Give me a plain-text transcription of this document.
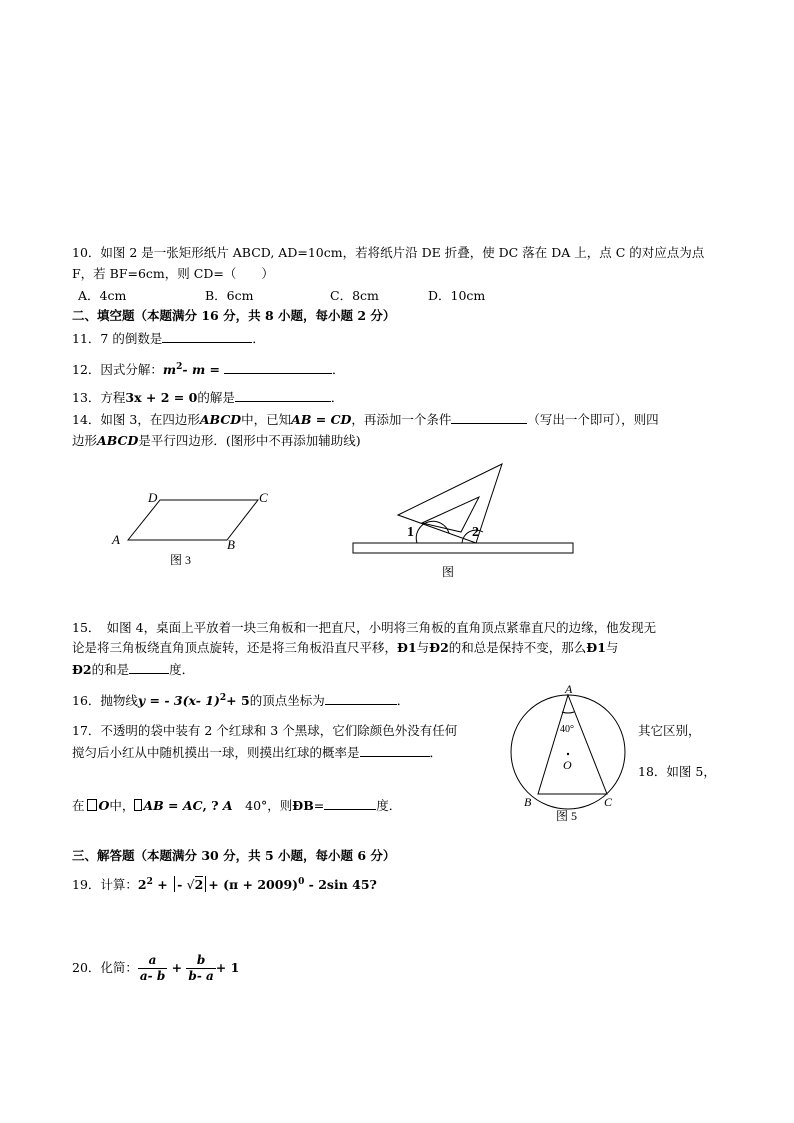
10．如图 2 是一张矩形纸片 ABCD, AD=10cm，若将纸片沿 DE 折叠，使 DC 落在 DA 上，点 C 的对应点为点
F，若 BF=6cm，则 CD=（　　）
A．4cm	B．6cm	C．8cm	D．10cm
二、填空题（本题满分 16 分，共 8 小题，每小题 2 分）
11．7 的倒数是	．
12．因式分解：$m^2-$ m =	．
13．方程3x + 2 = 0的解是	．
14．如图 3，在四边形ABCD中，已知AB = CD，再添加一个条件	（写出一个即可），则四
边形ABCD是平行四边形．(图形中不再添加辅助线)
A
D	C
B
图 3
1	2
图
15．　如图 4，桌面上平放着一块三角板和一把直尺，小明将三角板的直角顶点紧靠直尺的边缘，他发现无
论是将三角板绕直角顶点旋转，还是将三角板沿直尺平移，Ð1与Ð2的和总是保持不变，那么Ð1与
Ð2的和是	度．
16．抛物线y = - 3(x- 1)$^2$+ 5的顶点坐标为	．
17．不透明的袋中装有 2 个红球和 3 个黑球，它们除颜色外没有任何	其它区别，
搅匀后小红从中随机摸出一球，则摸出红球的概率是	．
18．如图 5，
在 O中， AB = AC, ? A　40°，则ÐB=	度．
A
B	C
O
40°
图 5
三、解答题（本题满分 30 分，共 5 小题，每小题 6 分）
19．计算：$2^2$ + - $√2 + (\pi + 2009)^0 - 2\sin$ 45?
20．化简： $\frac{a}{a- b} + \frac{b}{b- a} + 1$
